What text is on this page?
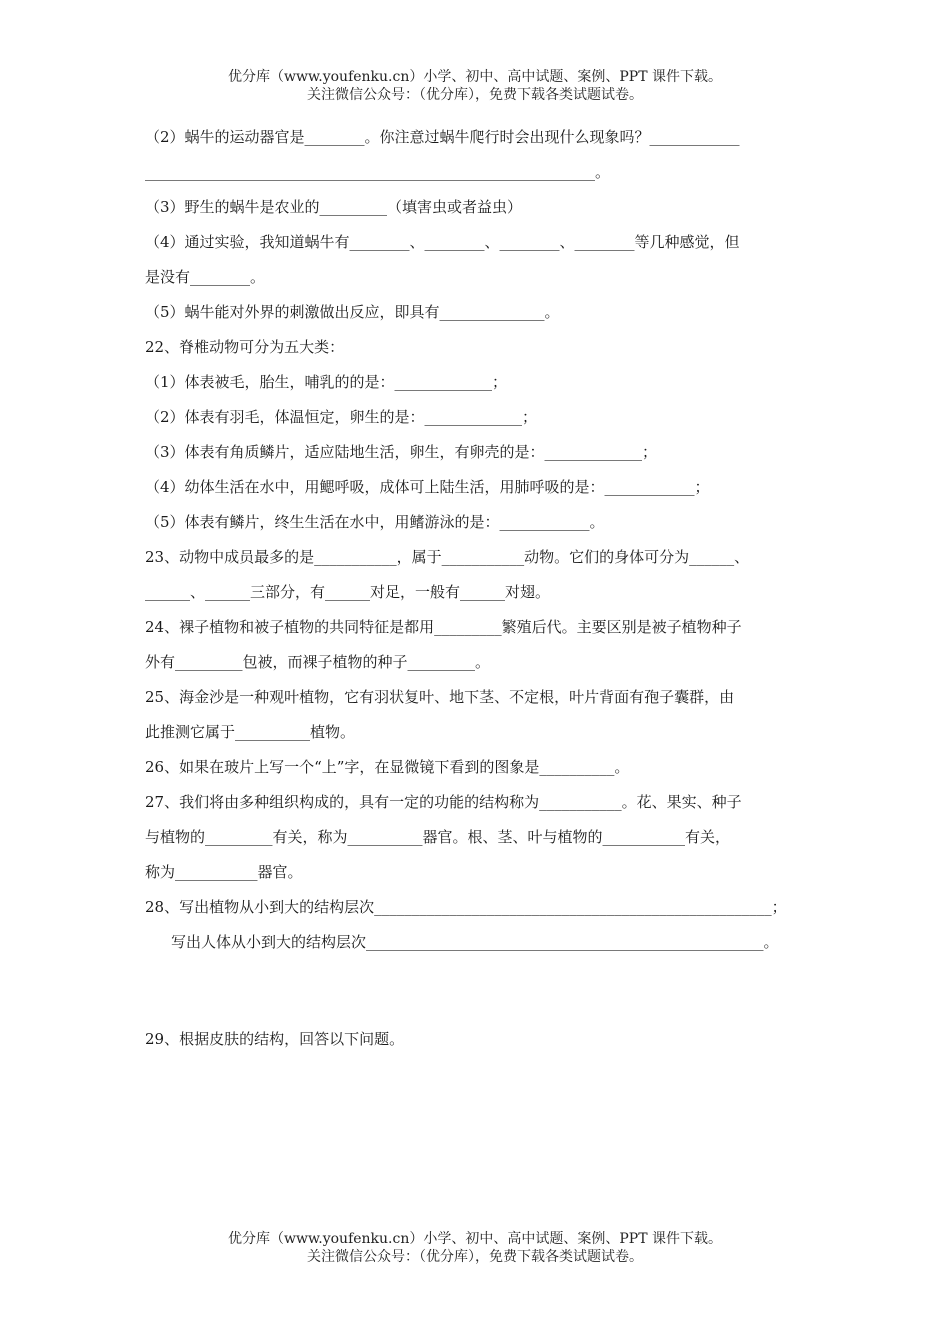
优分库（www.youfenku.cn）小学、初中、高中试题、案例、PPT 课件下载。
关注微信公众号：（优分库），免费下载各类试题试卷。
（2）蜗牛的运动器官是________。你注意过蜗牛爬行时会出现什么现象吗？____________
____________________________________________________________。
（3）野生的蜗牛是农业的_________（填害虫或者益虫）
（4）通过实验，我知道蜗牛有________、________、________、________等几种感觉，但
是没有________。
（5）蜗牛能对外界的刺激做出反应，即具有______________。
22、脊椎动物可分为五大类：
（1）体表被毛，胎生，哺乳的的是：_____________；
（2）体表有羽毛，体温恒定，卵生的是：_____________；
（3）体表有角质鳞片，适应陆地生活，卵生，有卵壳的是：_____________；
（4）幼体生活在水中，用鳃呼吸，成体可上陆生活，用肺呼吸的是：____________；
（5）体表有鳞片，终生生活在水中，用鳍游泳的是：____________。
23、动物中成员最多的是___________，属于___________动物。它们的身体可分为______、
______、______三部分，有______对足，一般有______对翅。
24、裸子植物和被子植物的共同特征是都用_________繁殖后代。主要区别是被子植物种子
外有_________包被，而裸子植物的种子_________。
25、海金沙是一种观叶植物，它有羽状复叶、地下茎、不定根，叶片背面有孢子囊群，由
此推测它属于__________植物。
26、如果在玻片上写一个“上”字，在显微镜下看到的图象是__________。
27、我们将由多种组织构成的，具有一定的功能的结构称为___________。花、果实、种子
与植物的_________有关，称为__________器官。根、茎、叶与植物的___________有关，
称为___________器官。
28、写出植物从小到大的结构层次_____________________________________________________；
写出人体从小到大的结构层次_____________________________________________________。
29、根据皮肤的结构，回答以下问题。
优分库（www.youfenku.cn）小学、初中、高中试题、案例、PPT 课件下载。
关注微信公众号：（优分库），免费下载各类试题试卷。
